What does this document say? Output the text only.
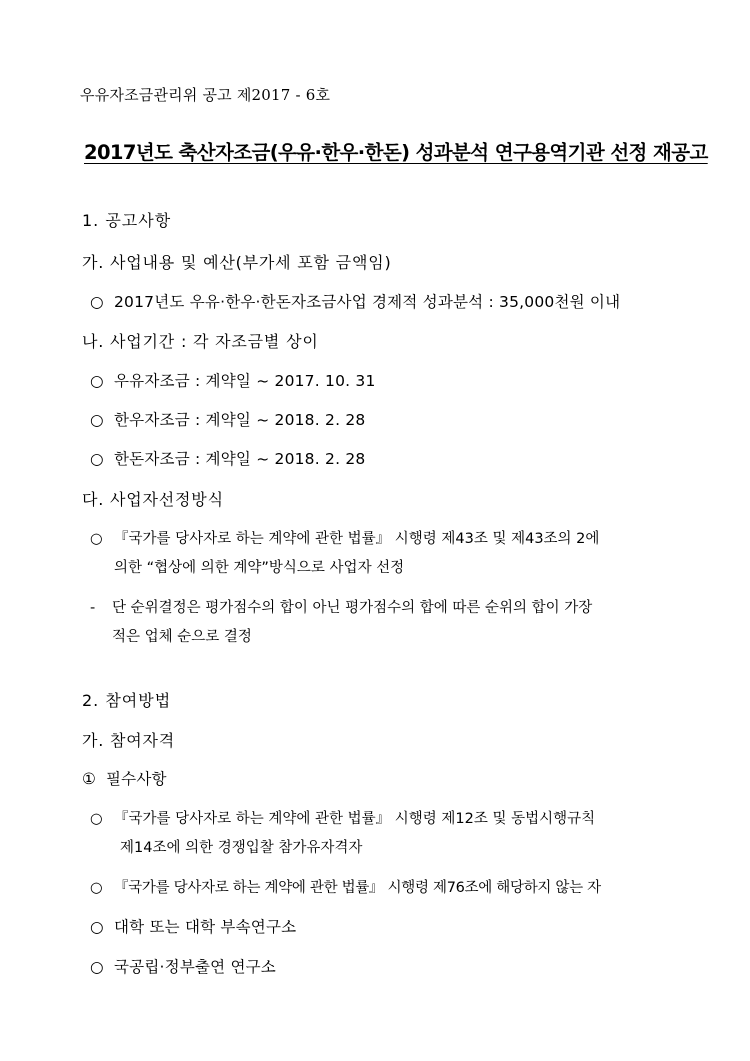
우유자조금관리위 공고 제2017 - 6호
2017년도 축산자조금(우유·한우·한돈) 성과분석 연구용역기관 선정 재공고
1. 공고사항
가. 사업내용 및 예산(부가세 포함 금액임)
○ 2017년도 우유·한우·한돈자조금사업 경제적 성과분석 : 35,000천원 이내
나. 사업기간 : 각 자조금별 상이
○ 우유자조금 : 계약일 ~ 2017. 10. 31
○ 한우자조금 : 계약일 ~ 2018. 2. 28
○ 한돈자조금 : 계약일 ~ 2018. 2. 28
다. 사업자선정방식
○ 『국가를 당사자로 하는 계약에 관한 법률』 시행령 제43조 및 제43조의 2에
의한 “협상에 의한 계약”방식으로 사업자 선정
- 단 순위결정은 평가점수의 합이 아닌 평가점수의 합에 따른 순위의 합이 가장
적은 업체 순으로 결정
2. 참여방법
가. 참여자격
① 필수사항
○ 『국가를 당사자로 하는 계약에 관한 법률』 시행령 제12조 및 동법시행규칙
제14조에 의한 경쟁입찰 참가유자격자
○ 『국가를 당사자로 하는 계약에 관한 법률』 시행령 제76조에 해당하지 않는 자
○ 대학 또는 대학 부속연구소
○ 국공립·정부출연 연구소
